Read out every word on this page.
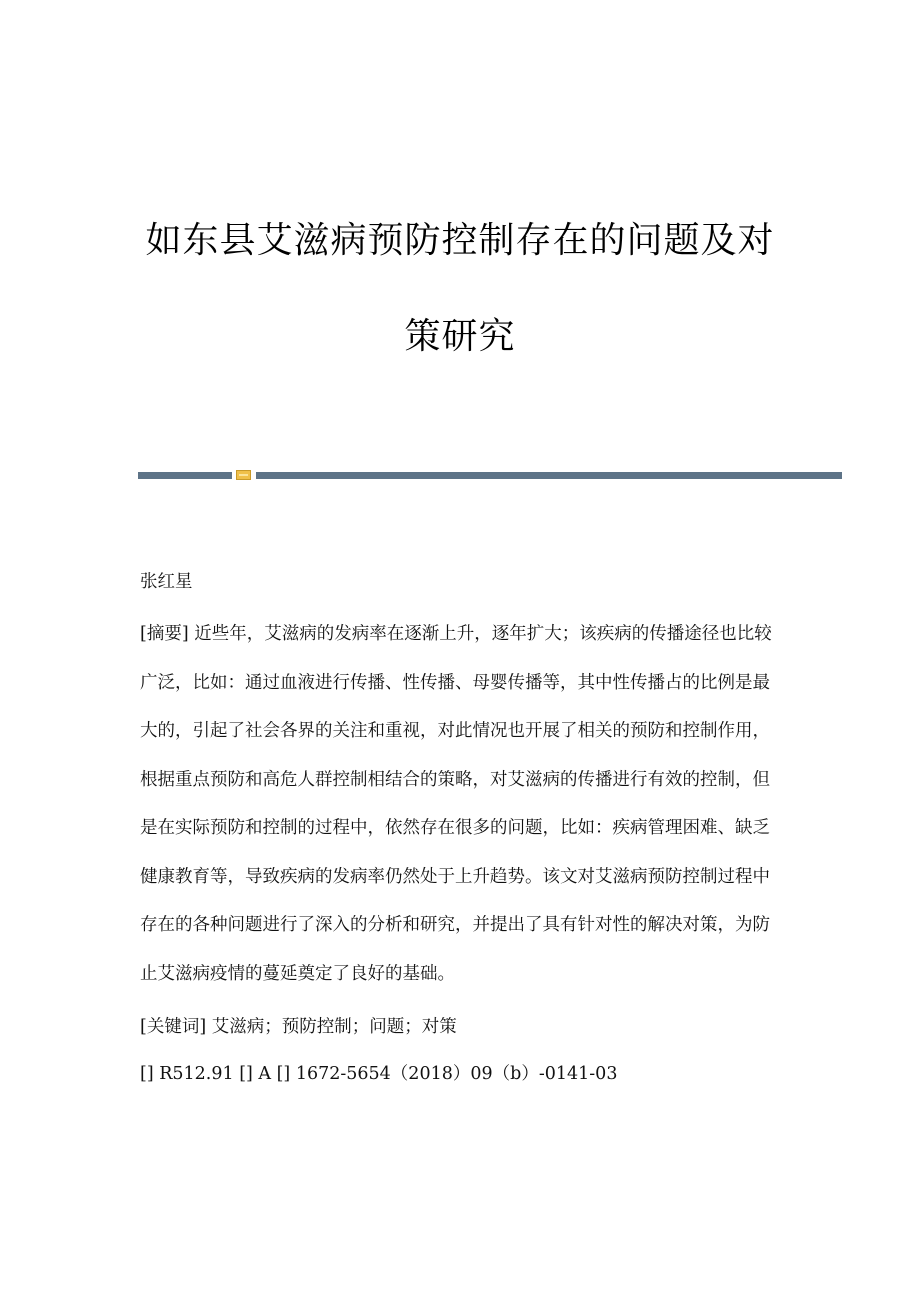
如东县艾滋病预防控制存在的问题及对
策研究
张红星
[摘要] 近些年，艾滋病的发病率在逐渐上升，逐年扩大；该疾病的传播途径也比较广泛，比如：通过血液进行传播、性传播、母婴传播等，其中性传播占的比例是最大的，引起了社会各界的关注和重视，对此情况也开展了相关的预防和控制作用，根据重点预防和高危人群控制相结合的策略，对艾滋病的传播进行有效的控制，但是在实际预防和控制的过程中，依然存在很多的问题，比如：疾病管理困难、缺乏健康教育等，导致疾病的发病率仍然处于上升趋势。该文对艾滋病预防控制过程中存在的各种问题进行了深入的分析和研究，并提出了具有针对性的解决对策，为防止艾滋病疫情的蔓延奠定了良好的基础。
[关键词] 艾滋病；预防控制；问题；对策
[] R512.91 [] A [] 1672-5654（2018）09（b）-0141-03
